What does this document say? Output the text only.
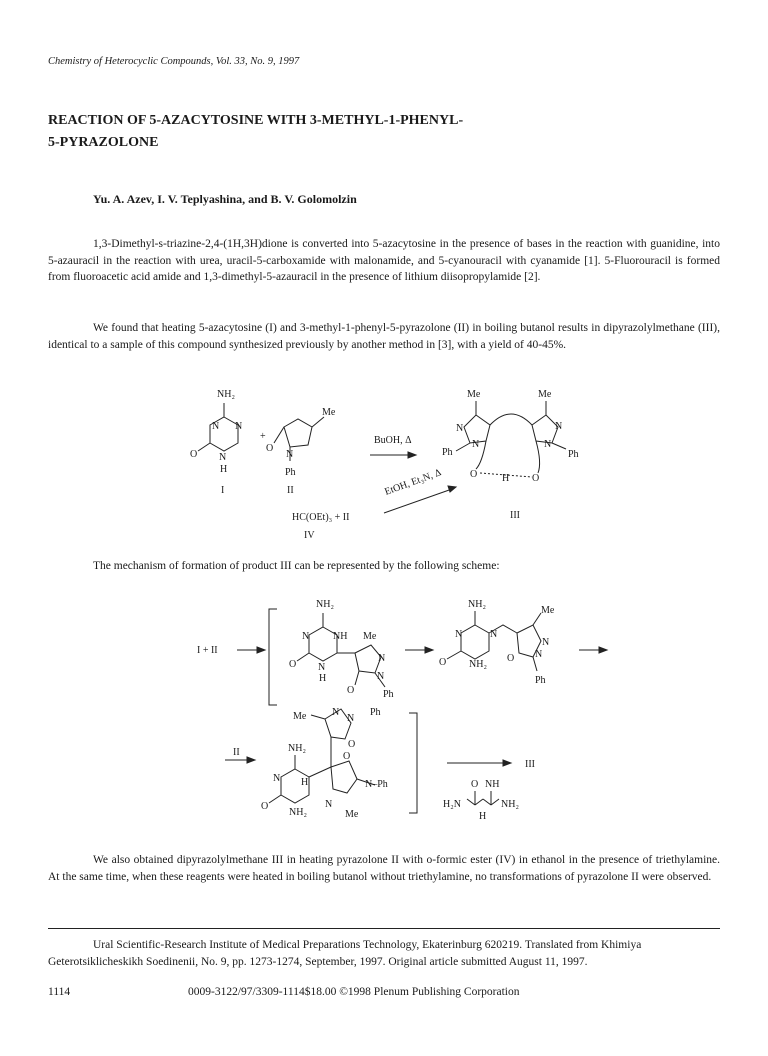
Chemistry of Heterocyclic Compounds, Vol. 33, No. 9, 1997
REACTION OF 5-AZACYTOSINE WITH 3-METHYL-1-PHENYL-
5-PYRAZOLONE
Yu. A. Azev, I. V. Teplyashina, and B. V. Golomolzin
1,3-Dimethyl-s-triazine-2,4-(1H,3H)dione is converted into 5-azacytosine in the presence of bases in the reaction with guanidine, into 5-azauracil in the reaction with urea, uracil-5-carboxamide with malonamide, and 5-cyanouracil with cyanamide [1]. 5-Fluorouracil is formed from fluoroacetic acid amide and 1,3-dimethyl-5-azauracil in the presence of lithium diisopropylamide [2].
We found that heating 5-azacytosine (I) and 3-methyl-1-phenyl-5-pyrazolone (II) in boiling butanol results in dipyrazolylmethane (III), identical to a sample of this compound synthesized previously by another method in [3], with a yield of 40-45%.
NH₂
N N
N
O
H
I
+
Me
O
N
Ph
II
BuOH, Δ
Me	Me
N
N
N
N
Ph	Ph
O	O
H
III
EtOH, Et₃N, Δ
HC(OEt)₃ + II
IV
The mechanism of formation of product III can be represented by the following scheme:
I + II
NH₂
N NH Me
N
O
H
N
N
O	Ph
NH₂
N	N
O NH₂
Me
N
N
O
Ph
II
Ph
N
N
Me
O
NH₂
N H
O
NH₂
O
N–Ph
N
Me
III
O NH
H₂N	NH₂
H
We also obtained dipyrazolylmethane III in heating pyrazolone II with o-formic ester (IV) in ethanol in the presence of triethylamine. At the same time, when these reagents were heated in boiling butanol without triethylamine, no transformations of pyrazolone II were observed.
Ural Scientific-Research Institute of Medical Preparations Technology, Ekaterinburg 620219. Translated from Khimiya Geterotsiklicheskikh Soedinenii, No. 9, pp. 1273-1274, September, 1997. Original article submitted August 11, 1997.
1114	0009-3122/97/3309-1114$18.00 ©1998 Plenum Publishing Corporation
